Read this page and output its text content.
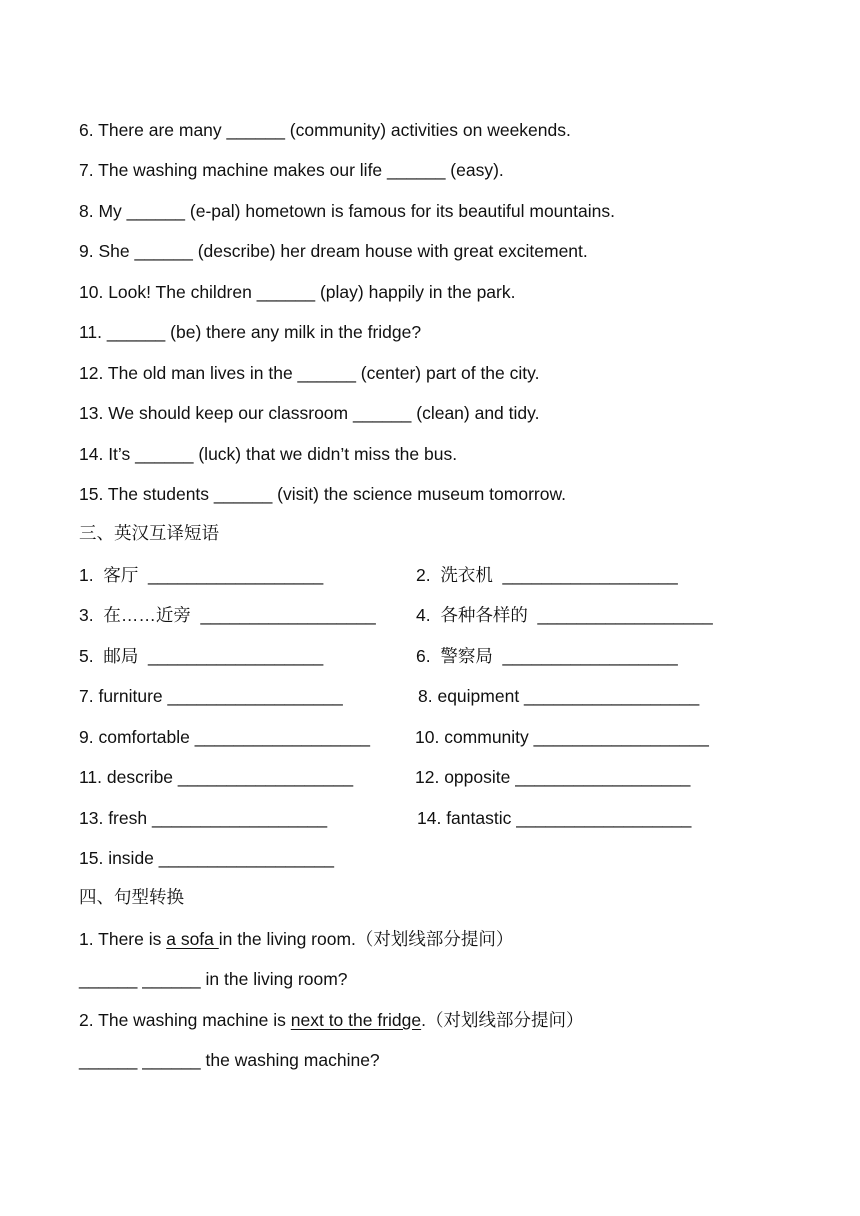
6. There are many ______ (community) activities on weekends.
7. The washing machine makes our life ______ (easy).
8. My ______ (e-pal) hometown is famous for its beautiful mountains.
9. She ______ (describe) her dream house with great excitement.
10. Look! The children ______ (play) happily in the park.
11. ______ (be) there any milk in the fridge?
12. The old man lives in the ______ (center) part of the city.
13. We should keep our classroom ______ (clean) and tidy.
14. It’s ______ (luck) that we didn’t miss the bus.
15. The students ______ (visit) the science museum tomorrow.
三、英汉互译短语
1.  客厅  __________________	2.  洗衣机  __________________
3.  在……近旁  __________________ 4.  各种各样的  __________________
5.  邮局  __________________	6.  警察局  __________________
7. furniture __________________	8. equipment __________________
9. comfortable __________________	10. community __________________
11. describe __________________	12. opposite __________________
13. fresh __________________	14. fantastic __________________
15. inside __________________
四、句型转换
1. There is a sofa in the living room.（对划线部分提问）
______ ______ in the living room?
2. The washing machine is next to the fridge.（对划线部分提问）
______ ______ the washing machine?
